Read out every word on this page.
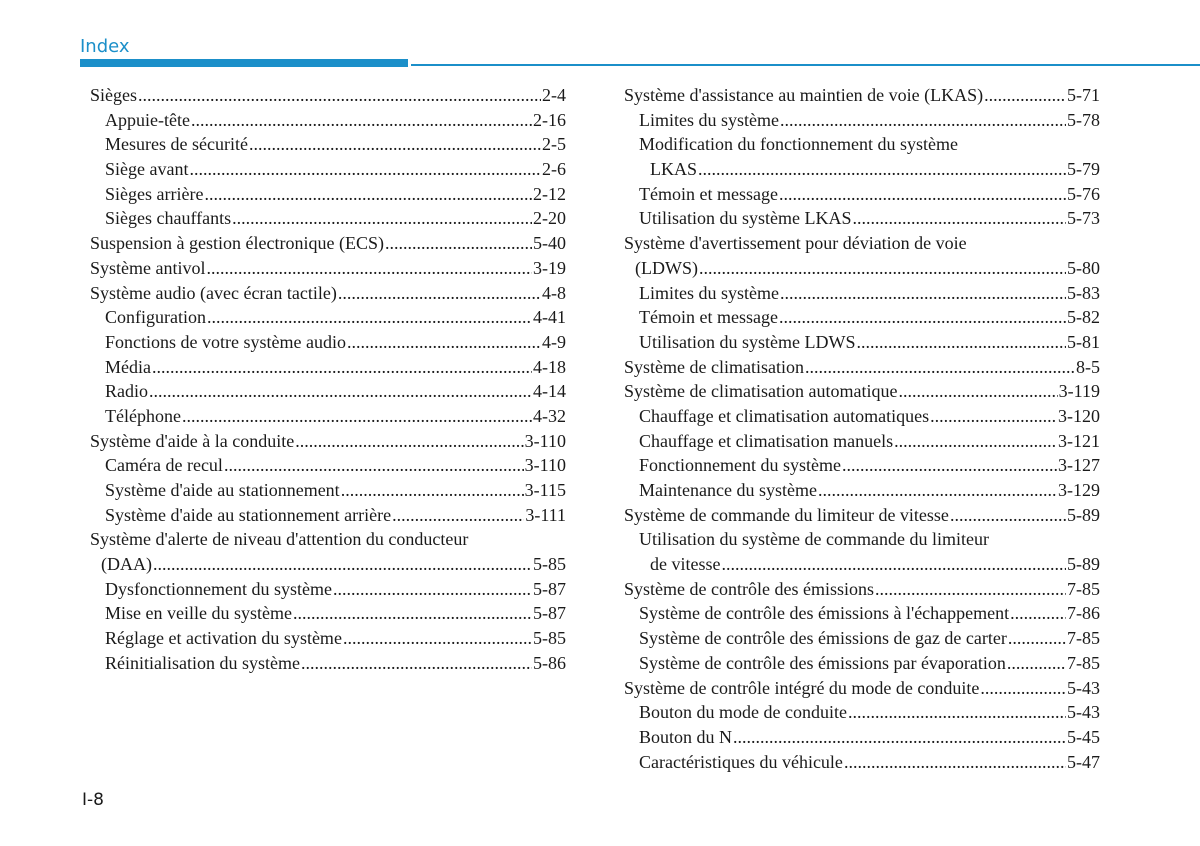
Index
Sièges .....	2-4
Appuie-tête .....	2-16
Mesures de sécurité .....	2-5
Siège avant .....	2-6
Sièges arrière .....	2-12
Sièges chauffants .....	2-20
Suspension à gestion électronique (ECS) .....	5-40
Système antivol .....	3-19
Système audio (avec écran tactile) .....	4-8
Configuration .....	4-41
Fonctions de votre système audio .....	4-9
Média .....	4-18
Radio .....	4-14
Téléphone .....	4-32
Système d'aide à la conduite .....	3-110
Caméra de recul .....	3-110
Système d'aide au stationnement .....	3-115
Système d'aide au stationnement arrière .....	3-111
Système d'alerte de niveau d'attention du conducteur
(DAA) .....	5-85
Dysfonctionnement du système .....	5-87
Mise en veille du système .....	5-87
Réglage et activation du système .....	5-85
Réinitialisation du système .....	5-86
Système d'assistance au maintien de voie (LKAS) .....	5-71
Limites du système .....	5-78
Modification du fonctionnement du système
LKAS .....	5-79
Témoin et message .....	5-76
Utilisation du système LKAS .....	5-73
Système d'avertissement pour déviation de voie
(LDWS) .....	5-80
Limites du système .....	5-83
Témoin et message .....	5-82
Utilisation du système LDWS .....	5-81
Système de climatisation .....	8-5
Système de climatisation automatique .....	3-119
Chauffage et climatisation automatiques .....	3-120
Chauffage et climatisation manuels .....	3-121
Fonctionnement du système .....	3-127
Maintenance du système .....	3-129
Système de commande du limiteur de vitesse .....	5-89
Utilisation du système de commande du limiteur
de vitesse .....	5-89
Système de contrôle des émissions .....	7-85
Système de contrôle des émissions à l'échappement .....	7-86
Système de contrôle des émissions de gaz de carter .....	7-85
Système de contrôle des émissions par évaporation .....	7-85
Système de contrôle intégré du mode de conduite .....	5-43
Bouton du mode de conduite .....	5-43
Bouton du N .....	5-45
Caractéristiques du véhicule .....	5-47
I-8
